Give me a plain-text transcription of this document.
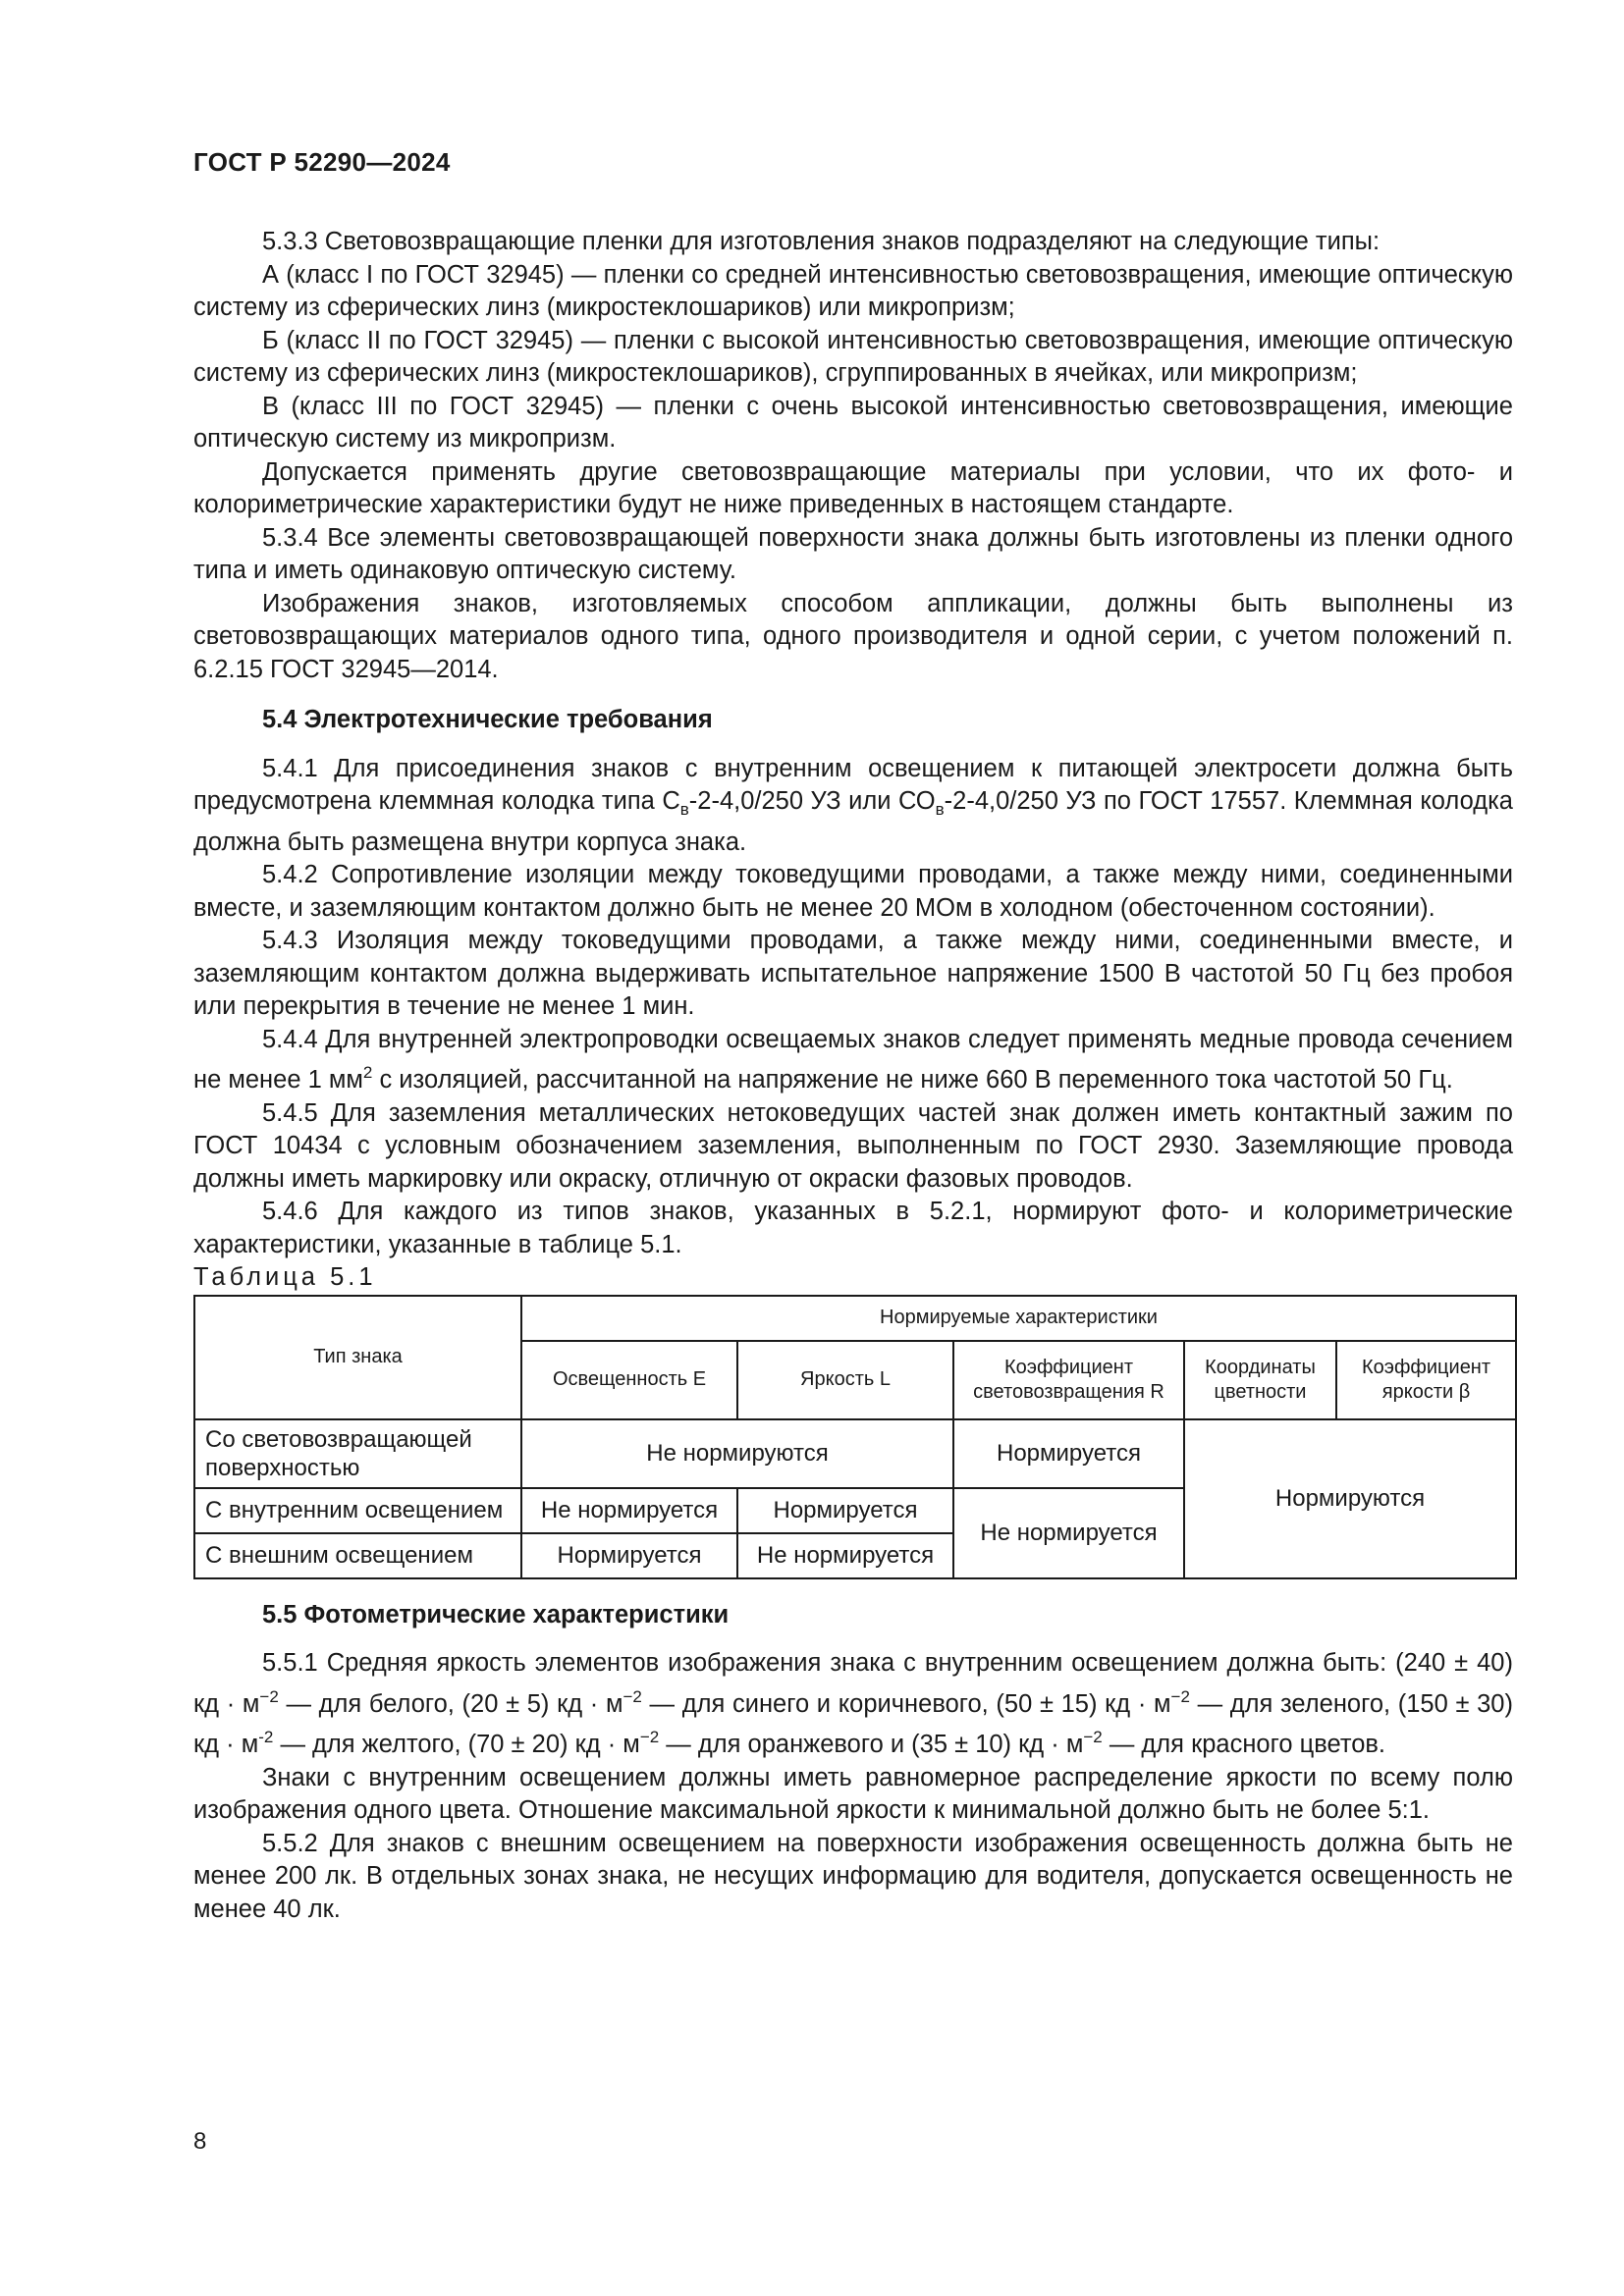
ГОСТ Р 52290—2024

5.3.3 Световозвращающие пленки для изготовления знаков подразделяют на следующие типы:

А (класс I по ГОСТ 32945) — пленки со средней интенсивностью световозвращения, имеющие оптическую систему из сферических линз (микростеклошариков) или микропризм;

Б (класс II по ГОСТ 32945) — пленки с высокой интенсивностью световозвращения, имеющие оптическую систему из сферических линз (микростеклошариков), сгруппированных в ячейках, или микропризм;

В (класс III по ГОСТ 32945) — пленки с очень высокой интенсивностью световозвращения, имеющие оптическую систему из микропризм.

Допускается применять другие световозвращающие материалы при условии, что их фото- и колориметрические характеристики будут не ниже приведенных в настоящем стандарте.

5.3.4 Все элементы световозвращающей поверхности знака должны быть изготовлены из пленки одного типа и иметь одинаковую оптическую систему.

Изображения знаков, изготовляемых способом аппликации, должны быть выполнены из световозвращающих материалов одного типа, одного производителя и одной серии, с учетом положений п. 6.2.15 ГОСТ 32945—2014.

5.4 Электротехнические требования

5.4.1 Для присоединения знаков с внутренним освещением к питающей электросети должна быть предусмотрена клеммная колодка типа $С_в-2-4,0/250$ УЗ или $СО_в-2-4,0/250$ УЗ по ГОСТ 17557. Клеммная колодка должна быть размещена внутри корпуса знака.

5.4.2 Сопротивление изоляции между токоведущими проводами, а также между ними, соединенными вместе, и заземляющим контактом должно быть не менее 20 МОм в холодном (обесточенном состоянии).

5.4.3 Изоляция между токоведущими проводами, а также между ними, соединенными вместе, и заземляющим контактом должна выдерживать испытательное напряжение 1500 В частотой 50 Гц без пробоя или перекрытия в течение не менее 1 мин.

5.4.4 Для внутренней электропроводки освещаемых знаков следует применять медные провода сечением не менее 1 $мм^2$ с изоляцией, рассчитанной на напряжение не ниже 660 В переменного тока частотой 50 Гц.

5.4.5 Для заземления металлических нетоковедущих частей знак должен иметь контактный зажим по ГОСТ 10434 с условным обозначением заземления, выполненным по ГОСТ 2930. Заземляющие провода должны иметь маркировку или окраску, отличную от окраски фазовых проводов.

5.4.6 Для каждого из типов знаков, указанных в 5.2.1, нормируют фото- и колориметрические характеристики, указанные в таблице 5.1.

Таблица 5.1

Тип знака	Нормируемые характеристики				
	Освещенность E	Яркость L	Коэффициент световозвращения R	Координаты цветности	Коэффициент яркости β
Со световозвращающей поверхностью	Не нормируются		Нормируется	Нормируются	
С внутренним освещением	Не нормируется	Нормируется	Не нормируется		
С внешним освещением	Нормируется	Не нормируется			

5.5 Фотометрические характеристики

5.5.1 Средняя яркость элементов изображения знака с внутренним освещением должна быть: (240 ± 40) кд · $м^{-2}$ — для белого, (20 ± 5) кд · $м^{-2}$ — для синего и коричневого, (50 ± 15) кд · $м^{-2}$ — для зеленого, (150 ± 30) кд · $м^{-2}$ — для желтого, (70 ± 20) кд · $м^{-2}$ — для оранжевого и (35 ± 10) кд · $м^{-2}$ — для красного цветов.

Знаки с внутренним освещением должны иметь равномерное распределение яркости по всему полю изображения одного цвета. Отношение максимальной яркости к минимальной должно быть не более 5:1.

5.5.2 Для знаков с внешним освещением на поверхности изображения освещенность должна быть не менее 200 лк. В отдельных зонах знака, не несущих информацию для водителя, допускается освещенность не менее 40 лк.

8
